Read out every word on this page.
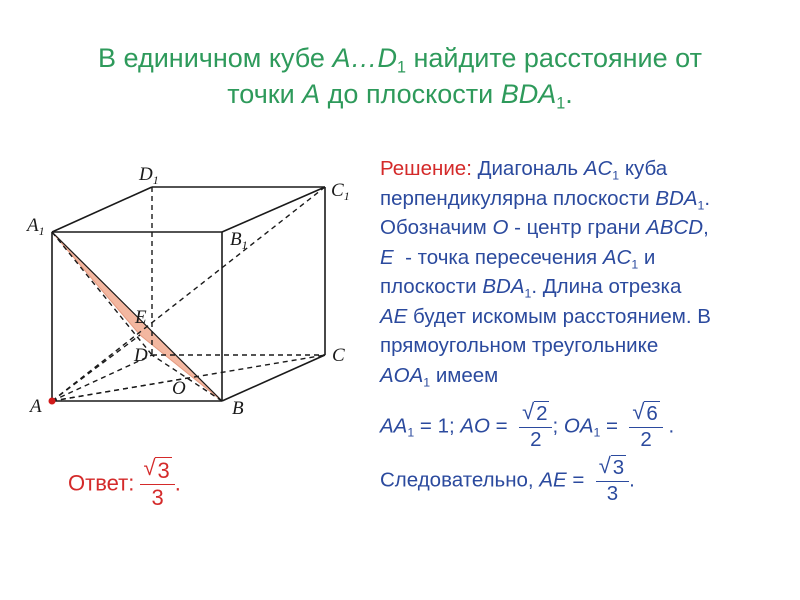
В единичном кубе $A\dots D_1$ найдите расстояние от
точки A до плоскости $BDA_1$.
$D_1$	$C_1$
$A_1$	$B_1$
E
D	C
O
A	B
Решение: Диагональ $AC_1$ куба
перпендикулярна плоскости $BDA_1$.
Обозначим O - центр грани ABCD,
E  - точка пересечения $AC_1$ и
плоскости $BDA_1$. Длина отрезка
AE будет искомым расстоянием. В
прямоугольном треугольнике
$AOA_1$ имеем
$AA_1 = 1$; AO = $\frac{√ 2}{2}$ ; $OA_1 = \frac{√ 6}{2}$ .
Следовательно, AE = $\frac{√ 3}{3}$ .
Ответ: $\frac{√ 3}{3}$ .
